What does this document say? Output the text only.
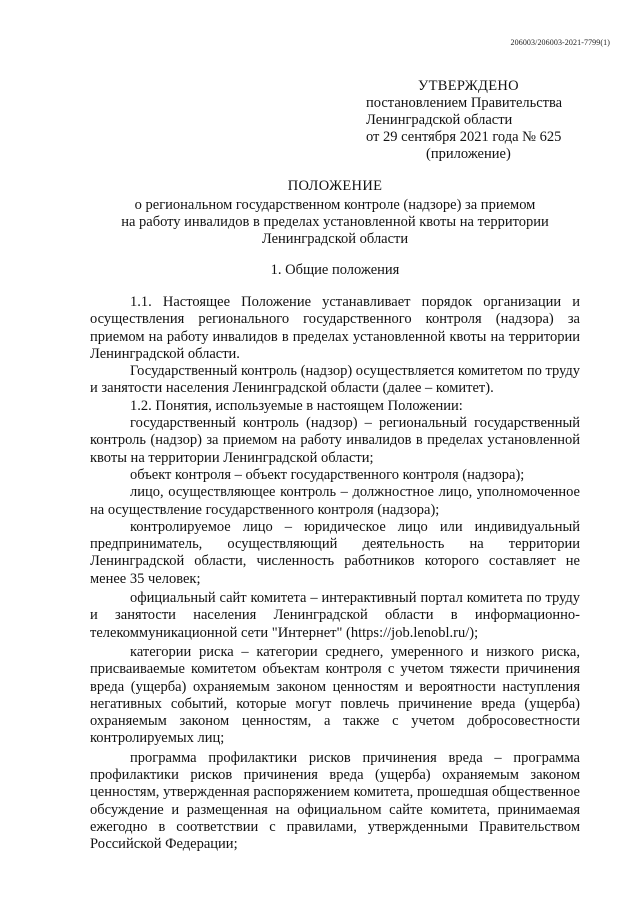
206003/206003-2021-7799(1)
УТВЕРЖДЕНО
постановлением Правительства
Ленинградской области
от 29 сентября 2021 года № 625
(приложение)
ПОЛОЖЕНИЕ
о региональном государственном контроле (надзоре) за приемом
на работу инвалидов в пределах установленной квоты на территории
Ленинградской области
1. Общие положения

1.1. Настоящее Положение устанавливает порядок организации и осуществления регионального государственного контроля (надзора) за приемом на работу инвалидов в пределах установленной квоты на территории Ленинградской области.

Государственный контроль (надзор) осуществляется комитетом по труду и занятости населения Ленинградской области (далее – комитет).

1.2. Понятия, используемые в настоящем Положении:

государственный контроль (надзор) – региональный государственный контроль (надзор) за приемом на работу инвалидов в пределах установленной квоты на территории Ленинградской области;

объект контроля – объект государственного контроля (надзора);

лицо, осуществляющее контроль – должностное лицо, уполномоченное на осуществление государственного контроля (надзора);

контролируемое лицо – юридическое лицо или индивидуальный предприниматель, осуществляющий деятельность на территории Ленинградской области, численность работников которого составляет не менее 35 человек;

официальный сайт комитета – интерактивный портал комитета по труду и занятости населения Ленинградской области в информационно-телекоммуникационной сети "Интернет" (https://job.lenobl.ru/);

категории риска – категории среднего, умеренного и низкого риска, присваиваемые комитетом объектам контроля с учетом тяжести причинения вреда (ущерба) охраняемым законом ценностям и вероятности наступления негативных событий, которые могут повлечь причинение вреда (ущерба) охраняемым законом ценностям, а также с учетом добросовестности контролируемых лиц;

программа профилактики рисков причинения вреда – программа профилактики рисков причинения вреда (ущерба) охраняемым законом ценностям, утвержденная распоряжением комитета, прошедшая общественное обсуждение и размещенная на официальном сайте комитета, принимаемая ежегодно в соответствии с правилами, утвержденными Правительством Российской Федерации;
